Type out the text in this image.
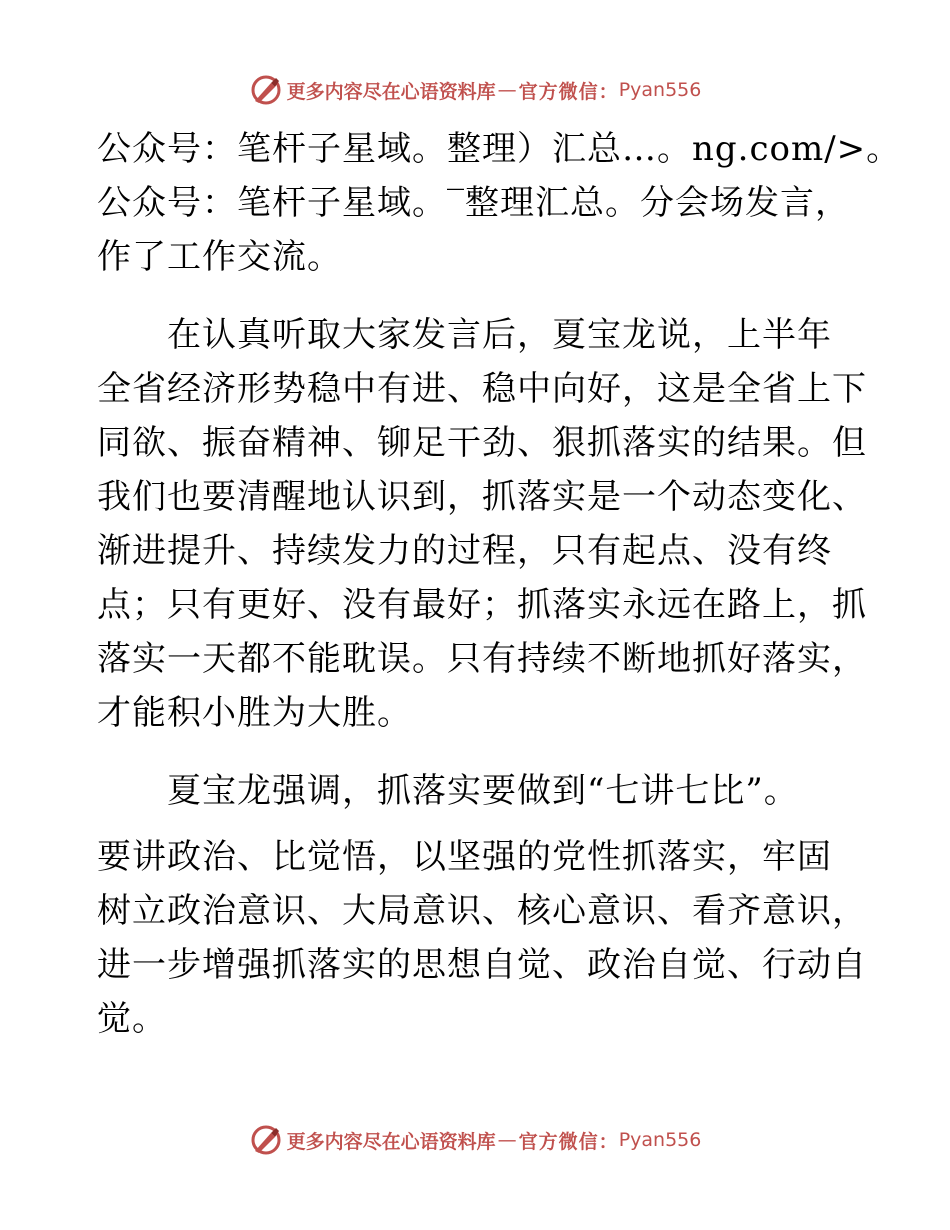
更多内容尽在心语资料库 — 官方微信： Pyan556
公众号：笔杆子星域。整理）汇总…。ng.com/>。
公众号：笔杆子星域。‾整理汇总。分会场发言，
作了工作交流。
　　在认真听取大家发言后，夏宝龙说，上半年
全省经济形势稳中有进、稳中向好，这是全省上下
同欲、振奋精神、铆足干劲、狠抓落实的结果。但
我们也要清醒地认识到，抓落实是一个动态变化、
渐进提升、持续发力的过程，只有起点、没有终
点；只有更好、没有最好；抓落实永远在路上，抓
落实一天都不能耽误。只有持续不断地抓好落实，
才能积小胜为大胜。
　　夏宝龙强调，抓落实要做到“七讲七比”。
要讲政治、比觉悟，以坚强的党性抓落实，牢固
树立政治意识、大局意识、核心意识、看齐意识，
进一步增强抓落实的思想自觉、政治自觉、行动自
觉。
更多内容尽在心语资料库 — 官方微信： Pyan556
